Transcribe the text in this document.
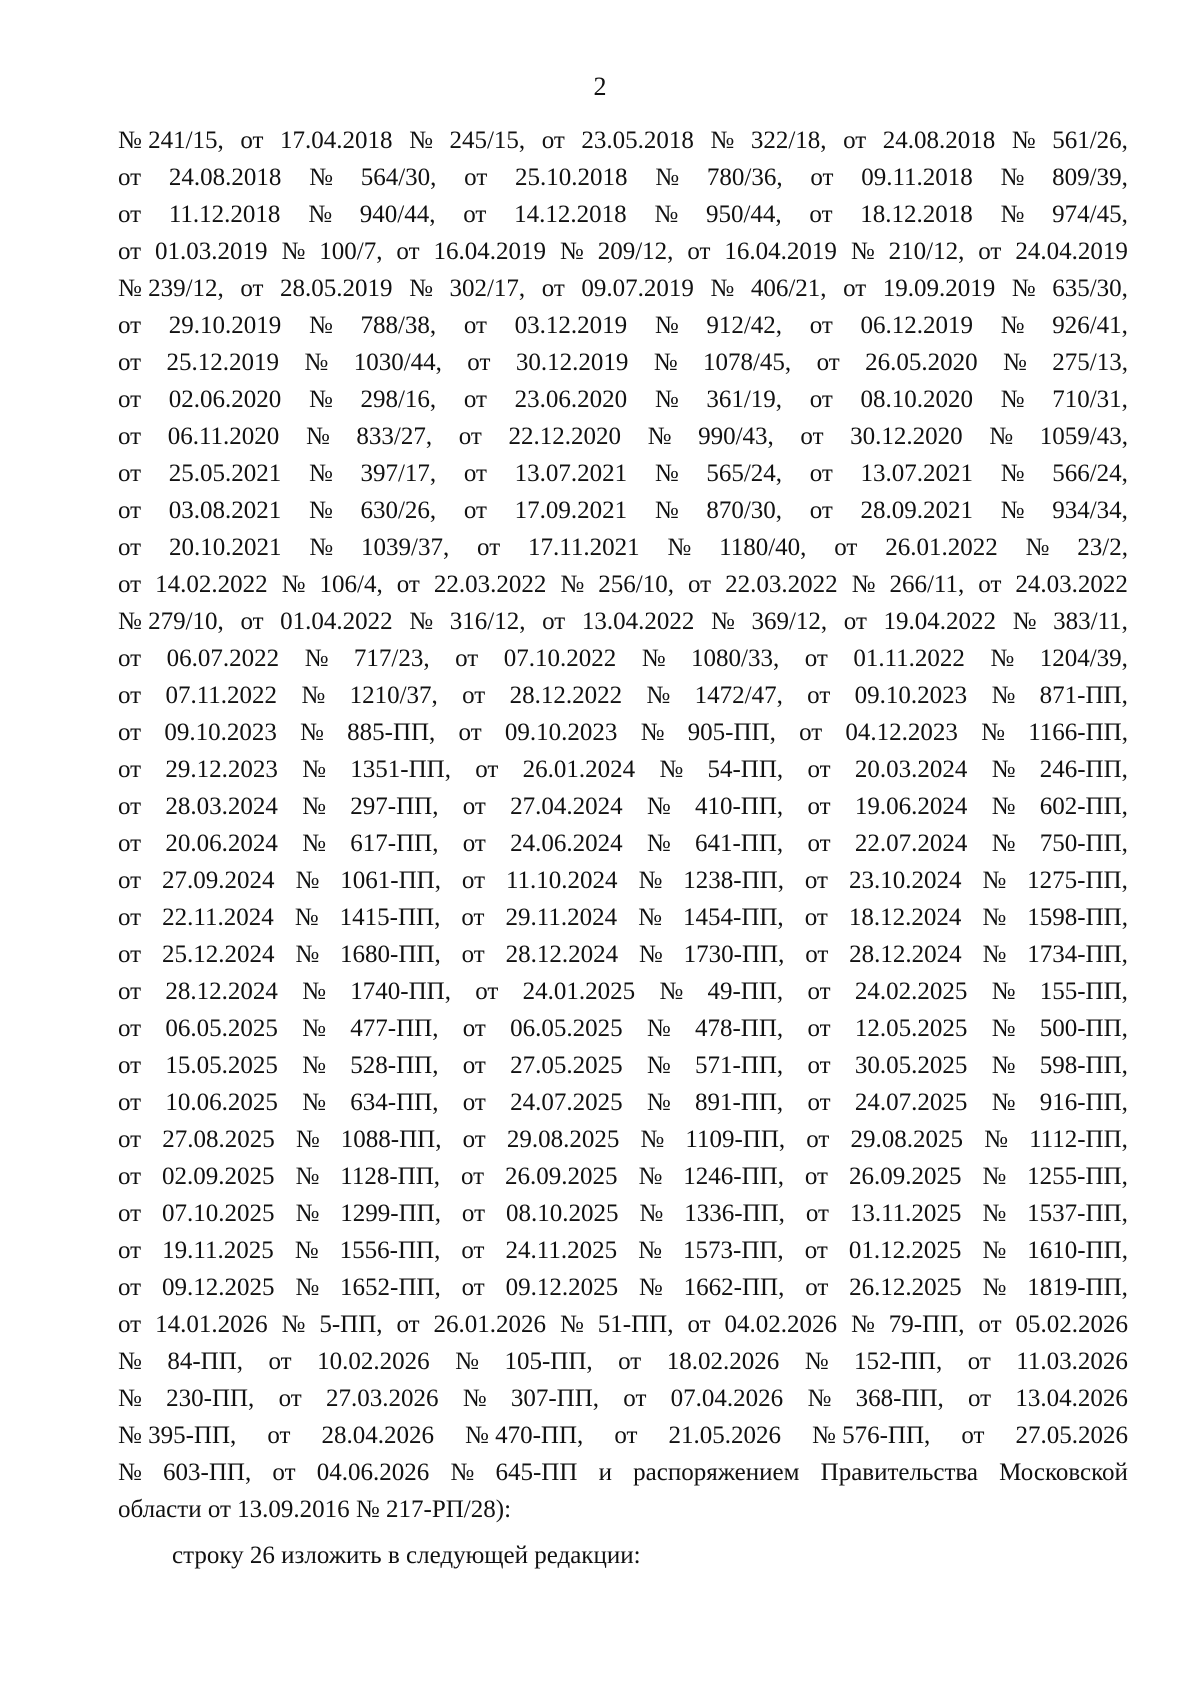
2
№ 241/15, от 17.04.2018 № 245/15, от 23.05.2018 № 322/18, от 24.08.2018 № 561/26,
от 24.08.2018 № 564/30, от 25.10.2018 № 780/36, от 09.11.2018 № 809/39,
от 11.12.2018 № 940/44, от 14.12.2018 № 950/44, от 18.12.2018 № 974/45,
от 01.03.2019 № 100/7, от 16.04.2019 № 209/12, от 16.04.2019 № 210/12, от 24.04.2019
№ 239/12, от 28.05.2019 № 302/17, от 09.07.2019 № 406/21, от 19.09.2019 № 635/30,
от 29.10.2019 № 788/38, от 03.12.2019 № 912/42, от 06.12.2019 № 926/41,
от 25.12.2019 № 1030/44, от 30.12.2019 № 1078/45, от 26.05.2020 № 275/13,
от 02.06.2020 № 298/16, от 23.06.2020 № 361/19, от 08.10.2020 № 710/31,
от 06.11.2020 № 833/27, от 22.12.2020 № 990/43, от 30.12.2020 № 1059/43,
от 25.05.2021 № 397/17, от 13.07.2021 № 565/24, от 13.07.2021 № 566/24,
от 03.08.2021 № 630/26, от 17.09.2021 № 870/30, от 28.09.2021 № 934/34,
от 20.10.2021 № 1039/37, от 17.11.2021 № 1180/40, от 26.01.2022 № 23/2,
от 14.02.2022 № 106/4, от 22.03.2022 № 256/10, от 22.03.2022 № 266/11, от 24.03.2022
№ 279/10, от 01.04.2022 № 316/12, от 13.04.2022 № 369/12, от 19.04.2022 № 383/11,
от 06.07.2022 № 717/23, от 07.10.2022 № 1080/33, от 01.11.2022 № 1204/39,
от 07.11.2022 № 1210/37, от 28.12.2022 № 1472/47, от 09.10.2023 № 871-ПП,
от 09.10.2023 № 885-ПП, от 09.10.2023 № 905-ПП, от 04.12.2023 № 1166-ПП,
от 29.12.2023 № 1351-ПП, от 26.01.2024 № 54-ПП, от 20.03.2024 № 246-ПП,
от 28.03.2024 № 297-ПП, от 27.04.2024 № 410-ПП, от 19.06.2024 № 602-ПП,
от 20.06.2024 № 617-ПП, от 24.06.2024 № 641-ПП, от 22.07.2024 № 750-ПП,
от 27.09.2024 № 1061-ПП, от 11.10.2024 № 1238-ПП, от 23.10.2024 № 1275-ПП,
от 22.11.2024 № 1415-ПП, от 29.11.2024 № 1454-ПП, от 18.12.2024 № 1598-ПП,
от 25.12.2024 № 1680-ПП, от 28.12.2024 № 1730-ПП, от 28.12.2024 № 1734-ПП,
от 28.12.2024 № 1740-ПП, от 24.01.2025 № 49-ПП, от 24.02.2025 № 155-ПП,
от 06.05.2025 № 477-ПП, от 06.05.2025 № 478-ПП, от 12.05.2025 № 500-ПП,
от 15.05.2025 № 528-ПП, от 27.05.2025 № 571-ПП, от 30.05.2025 № 598-ПП,
от 10.06.2025 № 634-ПП, от 24.07.2025 № 891-ПП, от 24.07.2025 № 916-ПП,
от 27.08.2025 № 1088-ПП, от 29.08.2025 № 1109-ПП, от 29.08.2025 № 1112-ПП,
от 02.09.2025 № 1128-ПП, от 26.09.2025 № 1246-ПП, от 26.09.2025 № 1255-ПП,
от 07.10.2025 № 1299-ПП, от 08.10.2025 № 1336-ПП, от 13.11.2025 № 1537-ПП,
от 19.11.2025 № 1556-ПП, от 24.11.2025 № 1573-ПП, от 01.12.2025 № 1610-ПП,
от 09.12.2025 № 1652-ПП, от 09.12.2025 № 1662-ПП, от 26.12.2025 № 1819-ПП,
от 14.01.2026 № 5-ПП, от 26.01.2026 № 51-ПП, от 04.02.2026 № 79-ПП, от 05.02.2026
№ 84-ПП, от 10.02.2026 № 105-ПП, от 18.02.2026 № 152-ПП, от 11.03.2026
№ 230-ПП, от 27.03.2026 № 307-ПП, от 07.04.2026 № 368-ПП, от 13.04.2026
№ 395-ПП, от 28.04.2026 № 470-ПП, от 21.05.2026 № 576-ПП, от 27.05.2026
№ 603-ПП, от 04.06.2026 № 645-ПП и распоряжением Правительства Московской
области от 13.09.2016 № 217-РП/28):
строку 26 изложить в следующей редакции:
